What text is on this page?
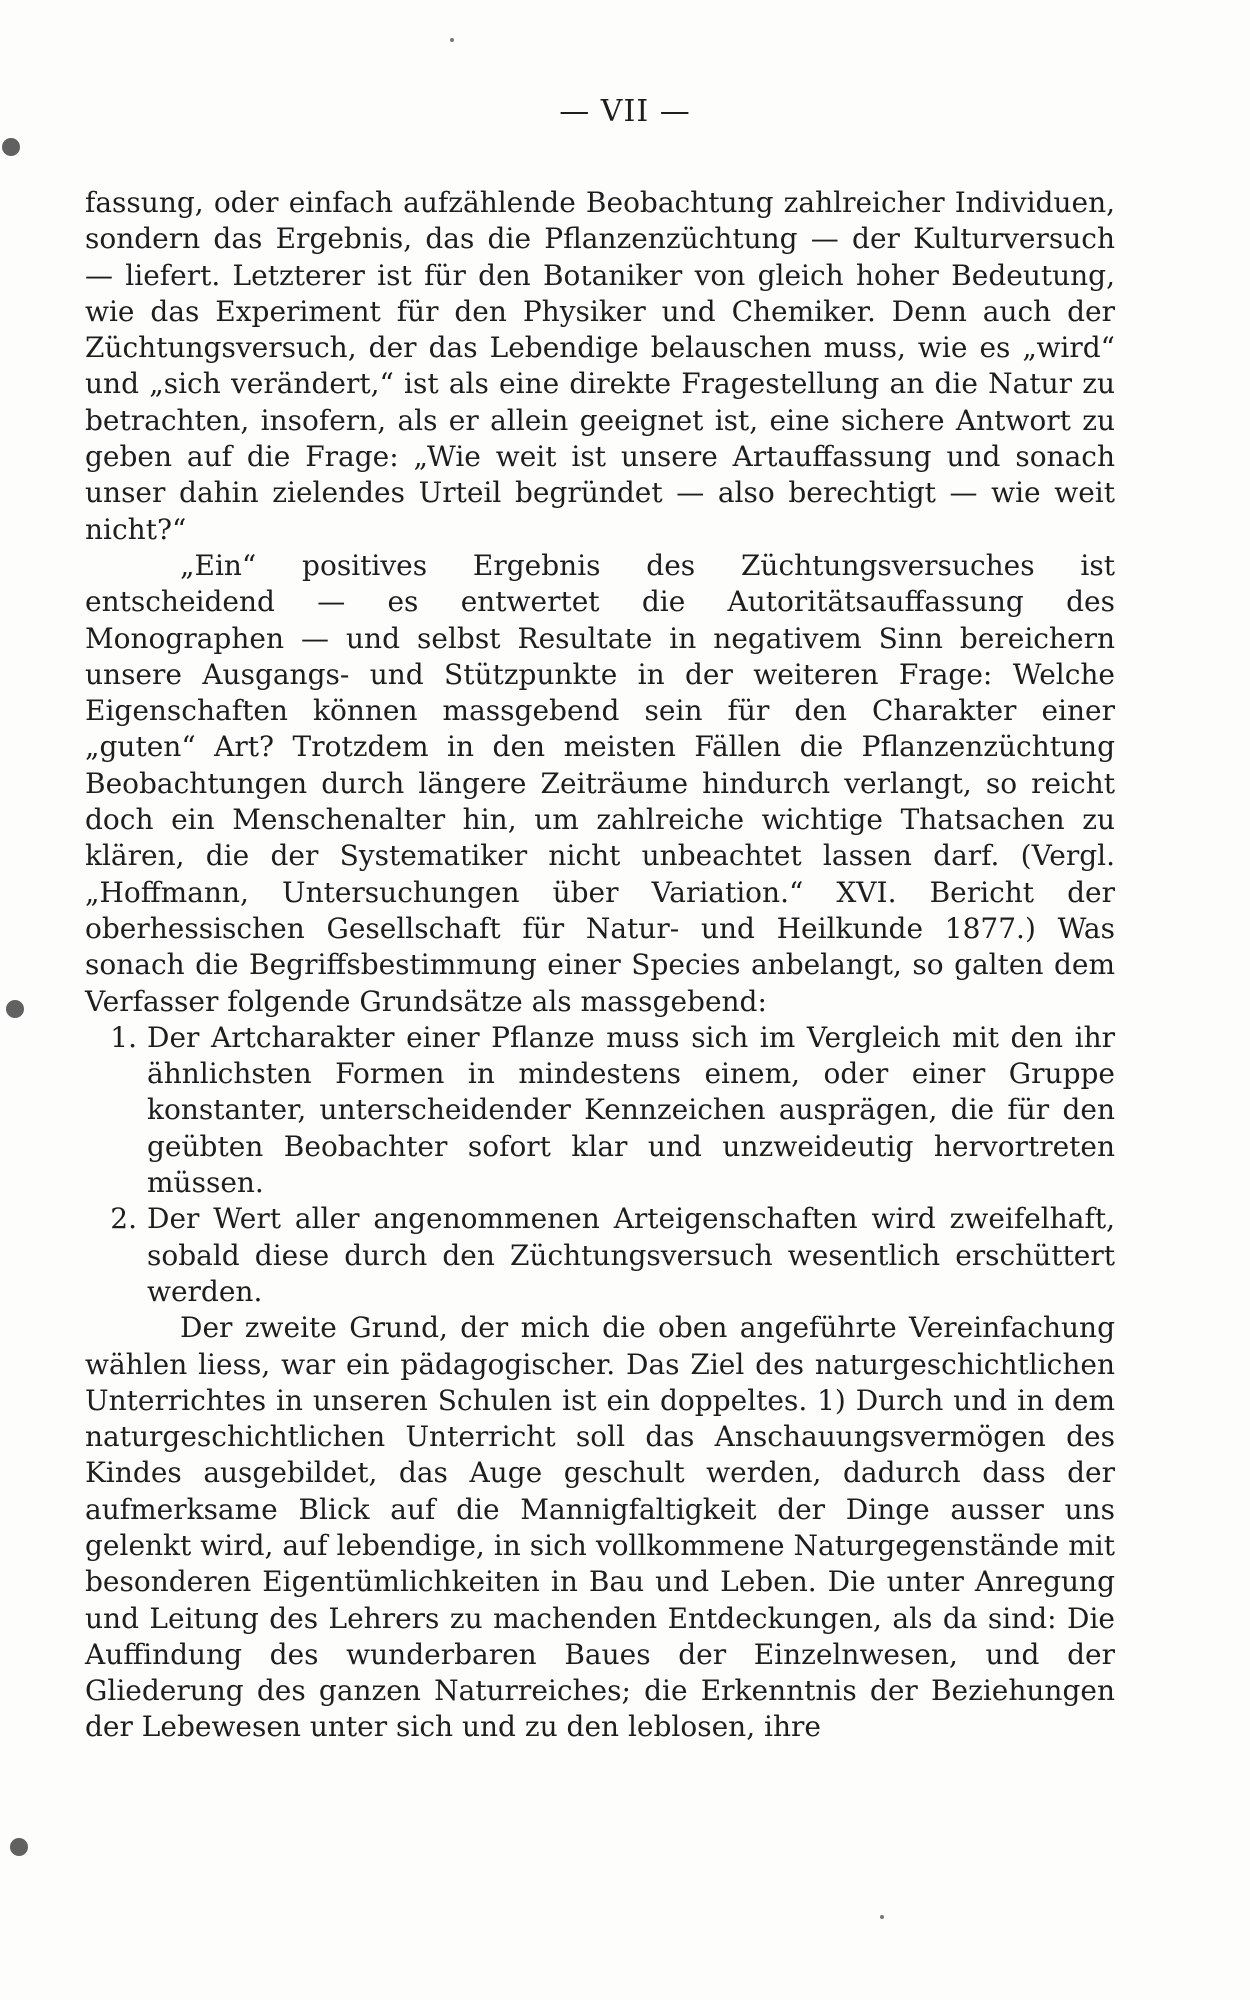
— VII —

fassung, oder einfach aufzählende Beobachtung zahlreicher Individuen, sondern das Ergebnis, das die Pflanzenzüchtung — der Kulturversuch — liefert. Letzterer ist für den Botaniker von gleich hoher Bedeutung, wie das Experiment für den Physiker und Chemiker. Denn auch der Züchtungsversuch, der das Lebendige belauschen muss, wie es „wird“ und „sich verändert,“ ist als eine direkte Fragestellung an die Natur zu betrachten, insofern, als er allein geeignet ist, eine sichere Antwort zu geben auf die Frage: „Wie weit ist unsere Artauffassung und sonach unser dahin zielendes Urteil begründet — also berechtigt — wie weit nicht?“

„Ein“ positives Ergebnis des Züchtungsversuches ist entscheidend — es entwertet die Autoritätsauffassung des Monographen — und selbst Resultate in negativem Sinn bereichern unsere Ausgangs- und Stützpunkte in der weiteren Frage: Welche Eigenschaften können massgebend sein für den Charakter einer „guten“ Art? Trotzdem in den meisten Fällen die Pflanzenzüchtung Beobachtungen durch längere Zeiträume hindurch verlangt, so reicht doch ein Menschenalter hin, um zahlreiche wichtige Thatsachen zu klären, die der Systematiker nicht unbeachtet lassen darf. (Vergl. „Hoffmann, Untersuchungen über Variation.“ XVI. Bericht der oberhessischen Gesellschaft für Natur- und Heilkunde 1877.) Was sonach die Begriffsbestimmung einer Species anbelangt, so galten dem Verfasser folgende Grundsätze als massgebend:

1. Der Artcharakter einer Pflanze muss sich im Vergleich mit den ihr ähnlichsten Formen in mindestens einem, oder einer Gruppe konstanter, unterscheidender Kennzeichen ausprägen, die für den geübten Beobachter sofort klar und unzweideutig hervortreten müssen.
2. Der Wert aller angenommenen Arteigenschaften wird zweifelhaft, sobald diese durch den Züchtungsversuch wesentlich erschüttert werden.

Der zweite Grund, der mich die oben angeführte Vereinfachung wählen liess, war ein pädagogischer. Das Ziel des naturgeschichtlichen Unterrichtes in unseren Schulen ist ein doppeltes. 1) Durch und in dem naturgeschichtlichen Unterricht soll das Anschauungsvermögen des Kindes ausgebildet, das Auge geschult werden, dadurch dass der aufmerksame Blick auf die Mannigfaltigkeit der Dinge ausser uns gelenkt wird, auf lebendige, in sich vollkommene Naturgegenstände mit besonderen Eigentümlichkeiten in Bau und Leben. Die unter Anregung und Leitung des Lehrers zu machenden Entdeckungen, als da sind: Die Auffindung des wunderbaren Baues der Einzelnwesen, und der Gliederung des ganzen Naturreiches; die Erkenntnis der Beziehungen der Lebewesen unter sich und zu den leblosen, ihre
